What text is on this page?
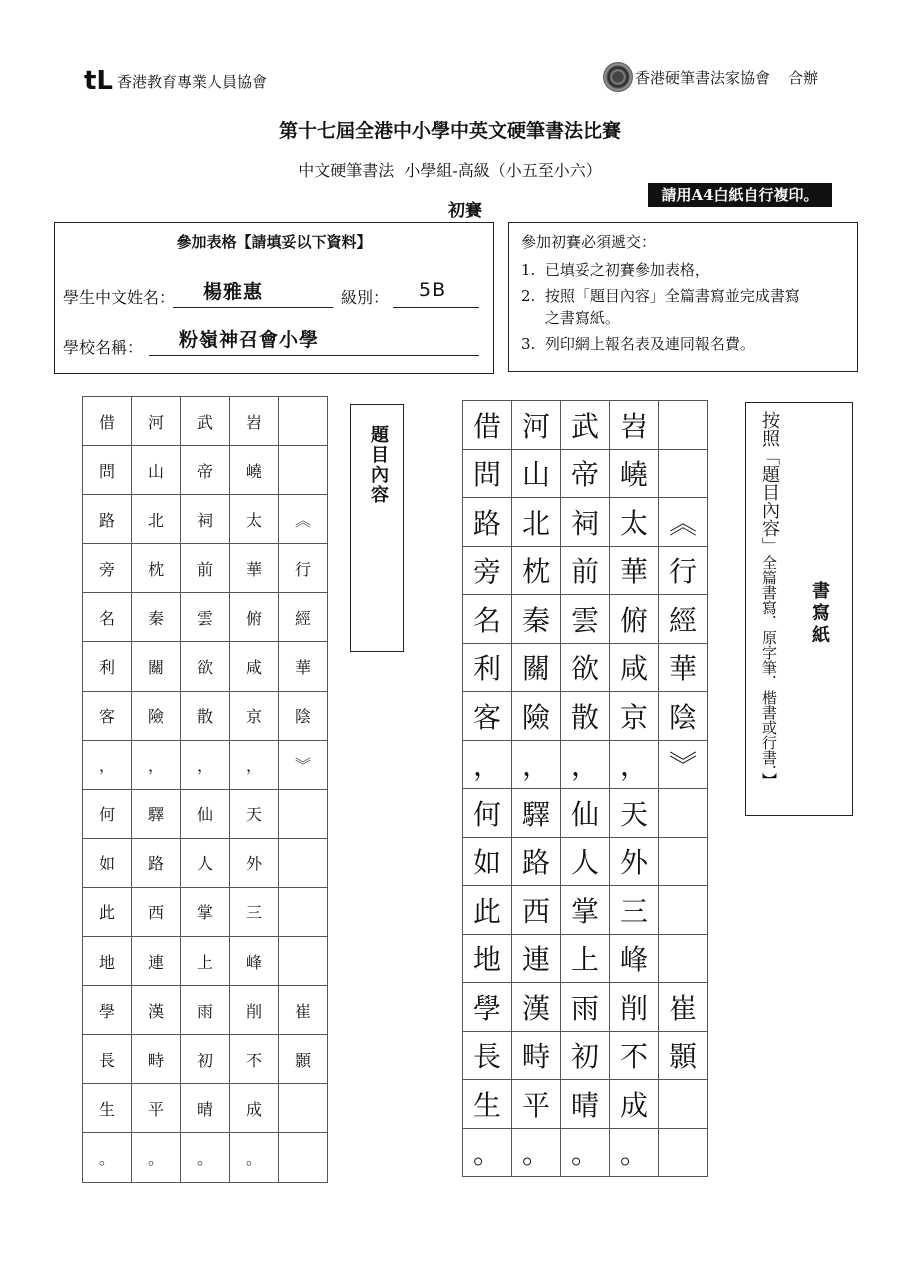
tL 香港教育專業人員協會	香港硬筆書法家協會 合辦
第十七屆全港中小學中英文硬筆書法比賽
中文硬筆書法  小學組-高級（小五至小六）
請用A4白紙自行複印。
初賽
參加表格【請填妥以下資料】
學生中文姓名： 楊雅惠	級別： 5B
學校名稱： 粉嶺神召會小學
參加初賽必須遞交：
1.  已填妥之初賽參加表格，
2.  按照「題目內容」全篇書寫並完成書寫
之書寫紙。
3.  列印網上報名表及連同報名費。
借	河	武	岧	
問	山	帝	嶢	
路	北	祠	太	︽
旁	枕	前	華	行
名	秦	雲	俯	經
利	關	欲	咸	華
客	險	散	京	陰
，	，	，	，	︾
何	驛	仙	天	
如	路	人	外	
此	西	掌	三	
地	連	上	峰	
學	漢	雨	削	崔
長	畤	初	不	顥
生	平	晴	成	
。	。	。	。	
題目內容	借	河	武	岧	
問	山	帝	嶢	
路	北	祠	太	︽
旁	枕	前	華	行
名	秦	雲	俯	經
利	關	欲	咸	華
客	險	散	京	陰
，	，	，	，	︾
何	驛	仙	天	
如	路	人	外	
此	西	掌	三	
地	連	上	峰	
學	漢	雨	削	崔
長	畤	初	不	顥
生	平	晴	成	
。	。	。	。	
按照「題目內容」全篇書寫．原字筆．楷書或行書．】 書寫紙
